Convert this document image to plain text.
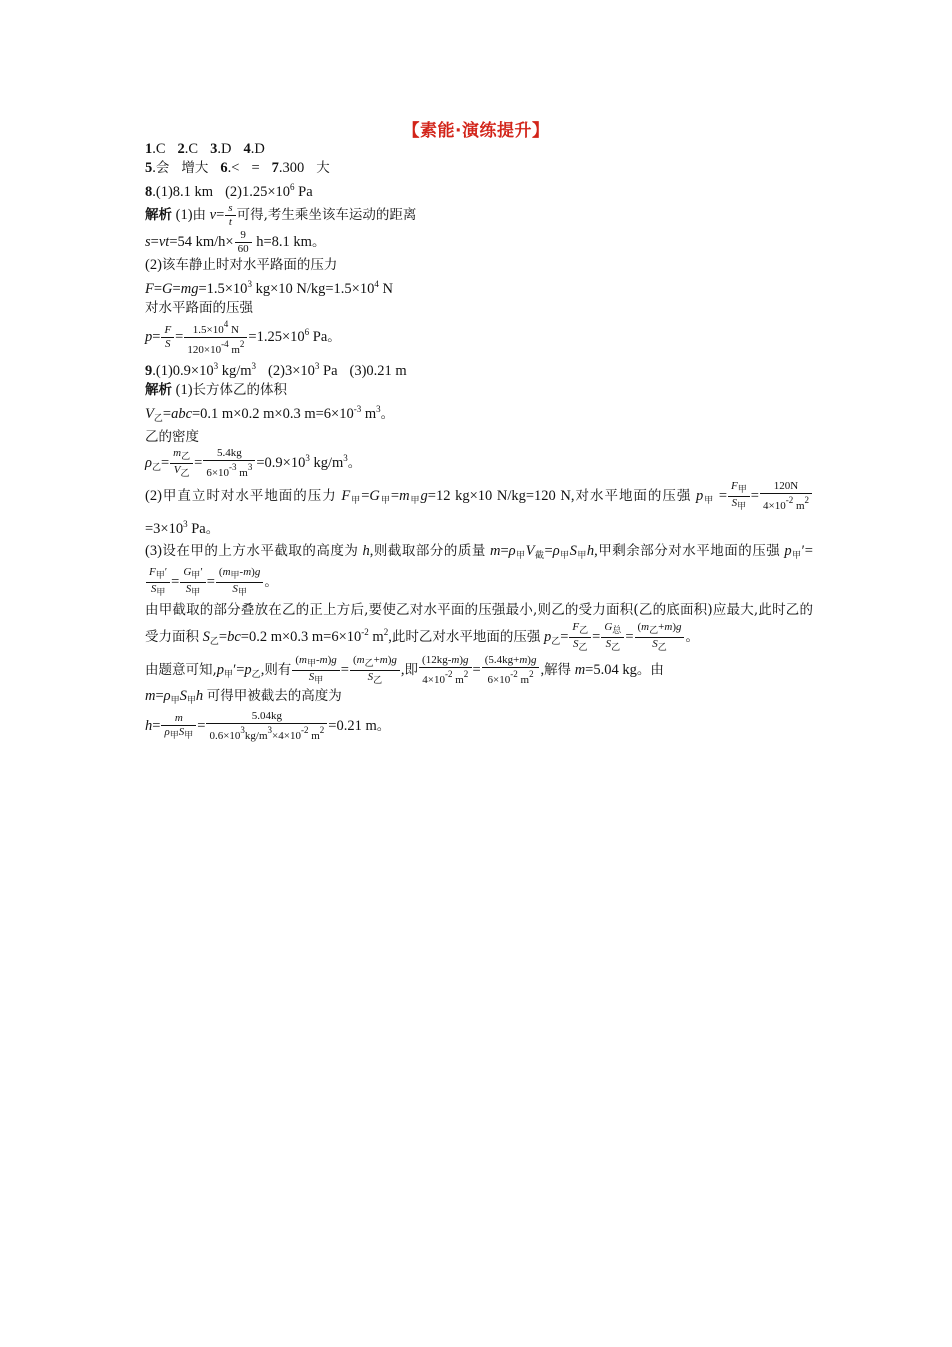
【素能·演练提升】
1.C 2.C 3.D 4.D
5.会 增大 6.< = 7.300 大
8.(1)8.1 km $(2)1.25\times 10^6$ Pa
解析 (1)由 $v= \frac{s}{t}$ 可得,考生乘坐该车运动的距离
s=vt=54 $km/h\times \frac{9}{60} h=8.1$ km。
(2)该车静止时对水平路面的压力
$F=G=mg=1.5\times 10^3$ kg×10 $N/kg=1.5\times 10^4$ N
对水平路面的压强
$p= \frac{F}{S} = \frac{1.5\times 10^4 N}{120\times 10^{-4} m^2} =1.25\times 10^6$ Pa。
$9.(1)0.9\times 10^3$ $kg/m^3$ $(2)3\times 10^3$ Pa (3)0.21 m
解析 (1)长方体乙的体积
$V_乙=abc=0.1$ m×0.2 m×0.3 $m=6\times 10^{-3}$ $m^3$。
乙的密度
$\rho_乙= \frac{m_乙}{V_乙} = \frac{5.4kg}{6\times 10^{-3} m^3} =0.9\times 10^3$ $kg/m^3$。
(2)甲直立时对水平地面的压力 $F_甲=G_甲=m_甲g=12$ kg×10 N/kg=120 N,对水平地面的压强 $p_甲 = \frac{F_甲}{S_甲} = \frac{120N}{4\times 10^{-2} m^2}$
$=3\times 10^3$ Pa。
(3)设在甲的上方水平截取的高度为 h,则截取部分的质量 $m=\rho_甲V_截=\rho_甲S_甲h$,甲剩余部分对水平地面的压强 $p_甲'=$
$\frac{F_甲'}{S_甲} = \frac{G_甲'}{S_甲} = \frac{(m_甲-m)g}{S_甲}$ 。
由甲截取的部分叠放在乙的正上方后,要使乙对水平面的压强最小,则乙的受力面积(乙的底面积)应最大,此时乙的受力面积 $S_乙=bc=0.2$ m×0.3 $m=6\times 10^{-2}$ $m^2$,此时乙对水平地面的压强 $p_乙= \frac{F_乙}{S_乙} = \frac{G_总}{S_乙} = \frac{(m_乙+m)g}{S_乙}$ 。
由题意可知$,p_甲'=p_乙$,则有 $\frac{(m_甲-m)g}{S_甲} = \frac{(m_乙+m)g}{S_乙}$ ,即 $\frac{(12kg-m)g}{4\times 10^{-2} m^2} = \frac{(5.4kg+m)g}{6\times 10^{-2} m^2}$ ,解得 m=5.04 kg。由
$m=\rho_甲S_甲h$ 可得甲被截去的高度为
$h= \frac{m}{\rho_甲S_甲} = \frac{5.04kg}{0.6\times 10^3kg/m^3\times 4\times 10^{-2} m^2} =0.21$ m。
